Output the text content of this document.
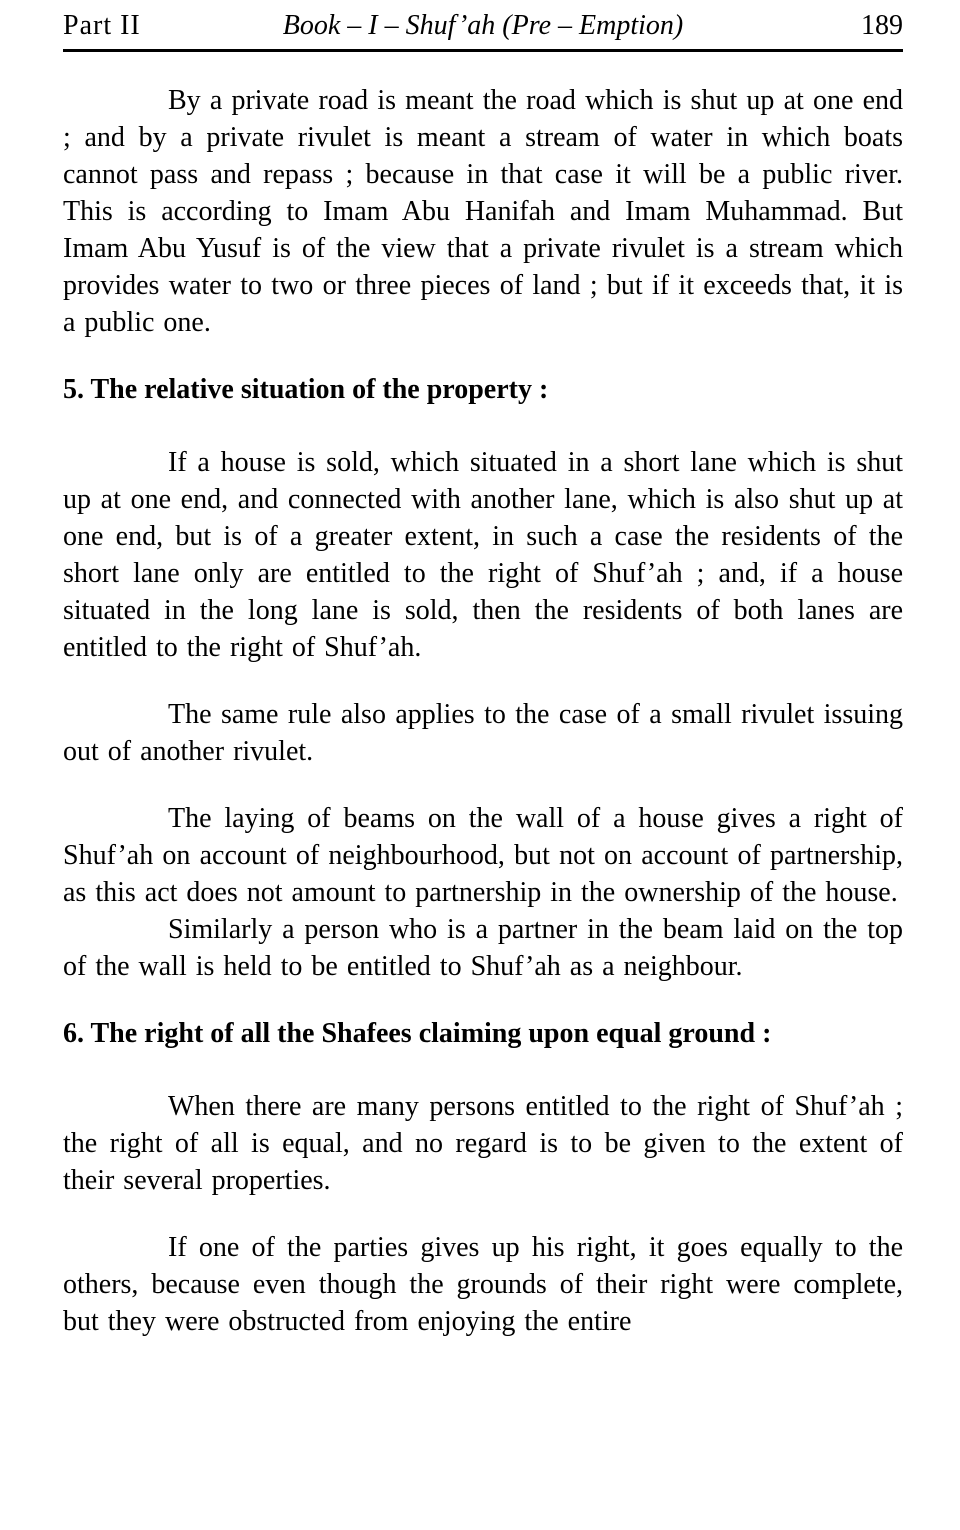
Part II	Book – I – Shuf’ah (Pre – Emption)	189

By a private road is meant the road which is shut up at one end ; and by a private rivulet is meant a stream of water in which boats cannot pass and repass ; because in that case it will be a public river. This is according to Imam Abu Hanifah and Imam Muhammad. But Imam Abu Yusuf is of the view that a private rivulet is a stream which provides water to two or three pieces of land ; but if it exceeds that, it is a public one.

5. The relative situation of the property :

If a house is sold, which situated in a short lane which is shut up at one end, and connected with another lane, which is also shut up at one end, but is of a greater extent, in such a case the residents of the short lane only are entitled to the right of Shuf’ah ; and, if a house situated in the long lane is sold, then the residents of both lanes are entitled to the right of Shuf’ah.

The same rule also applies to the case of a small rivulet issuing out of another rivulet.

The laying of beams on the wall of a house gives a right of Shuf’ah on account of neighbourhood, but not on account of partnership, as this act does not amount to partnership in the ownership of the house.

Similarly a person who is a partner in the beam laid on the top of the wall is held to be entitled to Shuf’ah as a neighbour.

6. The right of all the Shafees claiming upon equal ground :

When there are many persons entitled to the right of Shuf’ah ; the right of all is equal, and no regard is to be given to the extent of their several properties.

If one of the parties gives up his right, it goes equally to the others, because even though the grounds of their right were complete, but they were obstructed from enjoying the entire
